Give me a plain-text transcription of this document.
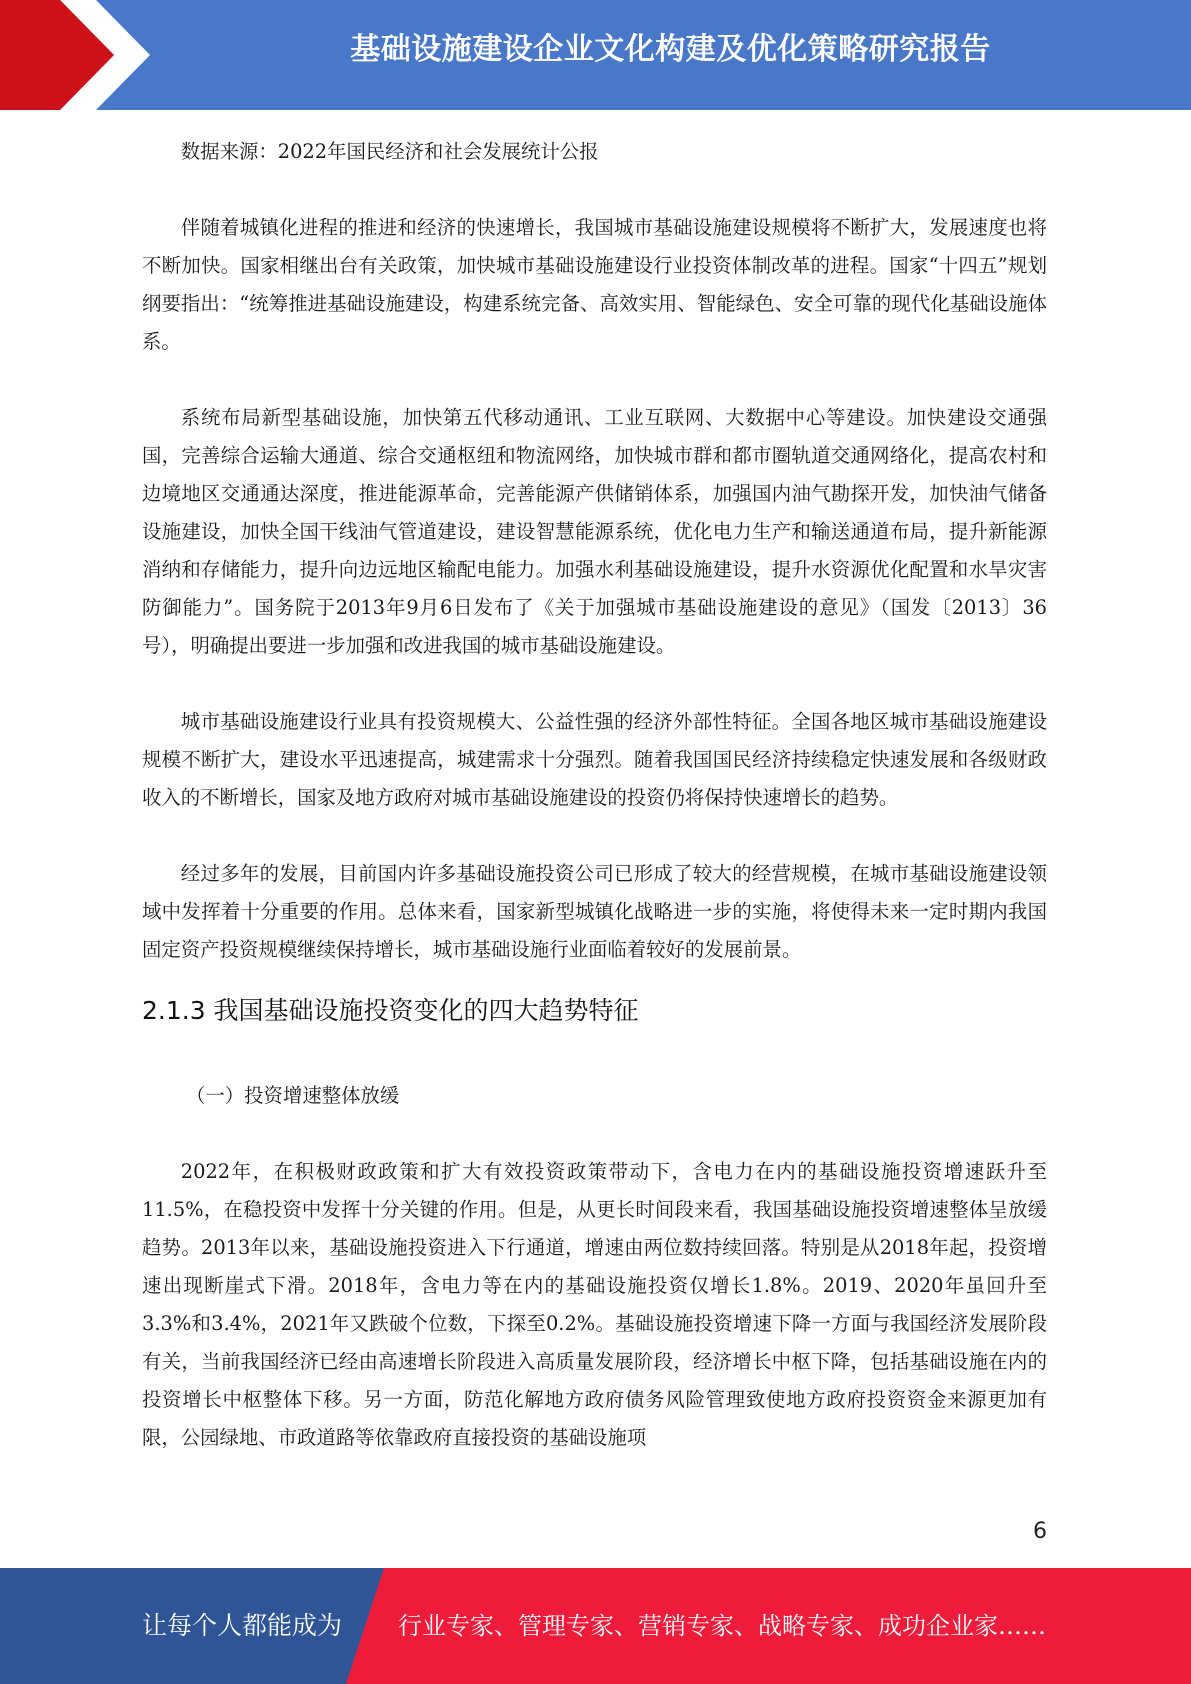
基础设施建设企业文化构建及优化策略研究报告

数据来源：2022年国民经济和社会发展统计公报

伴随着城镇化进程的推进和经济的快速增长，我国城市基础设施建设规模将不断扩大，发展速度也将不断加快。国家相继出台有关政策，加快城市基础设施建设行业投资体制改革的进程。国家“十四五”规划纲要指出：“统筹推进基础设施建设，构建系统完备、高效实用、智能绿色、安全可靠的现代化基础设施体系。

系统布局新型基础设施，加快第五代移动通讯、工业互联网、大数据中心等建设。加快建设交通强国，完善综合运输大通道、综合交通枢纽和物流网络，加快城市群和都市圈轨道交通网络化，提高农村和边境地区交通通达深度，推进能源革命，完善能源产供储销体系，加强国内油气勘探开发，加快油气储备设施建设，加快全国干线油气管道建设，建设智慧能源系统，优化电力生产和输送通道布局，提升新能源消纳和存储能力，提升向边远地区输配电能力。加强水利基础设施建设，提升水资源优化配置和水旱灾害防御能力”。国务院于2013年9月6日发布了《关于加强城市基础设施建设的意见》（国发〔2013〕36号），明确提出要进一步加强和改进我国的城市基础设施建设。

城市基础设施建设行业具有投资规模大、公益性强的经济外部性特征。全国各地区城市基础设施建设规模不断扩大，建设水平迅速提高，城建需求十分强烈。随着我国国民经济持续稳定快速发展和各级财政收入的不断增长，国家及地方政府对城市基础设施建设的投资仍将保持快速增长的趋势。

经过多年的发展，目前国内许多基础设施投资公司已形成了较大的经营规模，在城市基础设施建设领域中发挥着十分重要的作用。总体来看，国家新型城镇化战略进一步的实施，将使得未来一定时期内我国固定资产投资规模继续保持增长，城市基础设施行业面临着较好的发展前景。

2.1.3 我国基础设施投资变化的四大趋势特征

（一）投资增速整体放缓

2022年，在积极财政政策和扩大有效投资政策带动下，含电力在内的基础设施投资增速跃升至11.5%，在稳投资中发挥十分关键的作用。但是，从更长时间段来看，我国基础设施投资增速整体呈放缓趋势。2013年以来，基础设施投资进入下行通道，增速由两位数持续回落。特别是从2018年起，投资增速出现断崖式下滑。2018年，含电力等在内的基础设施投资仅增长1.8%。2019、2020年虽回升至3.3%和3.4%，2021年又跌破个位数，下探至0.2%。基础设施投资增速下降一方面与我国经济发展阶段有关，当前我国经济已经由高速增长阶段进入高质量发展阶段，经济增长中枢下降，包括基础设施在内的投资增长中枢整体下移。另一方面，防范化解地方政府债务风险管理致使地方政府投资资金来源更加有限，公园绿地、市政道路等依靠政府直接投资的基础设施项

6
让每个人都能成为 行业专家、管理专家、营销专家、战略专家、成功企业家……
